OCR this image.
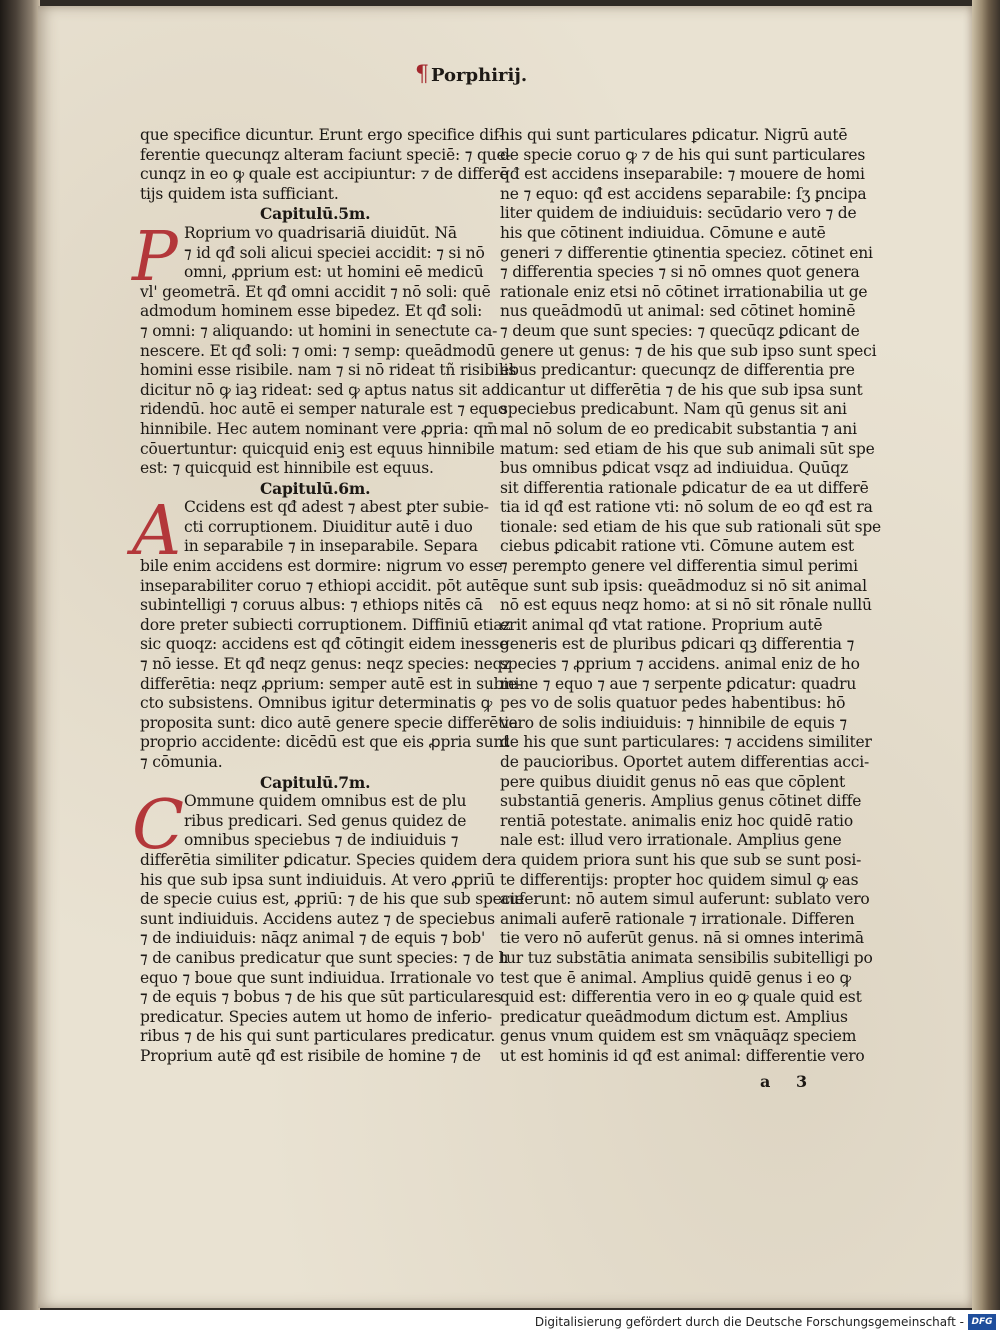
¶ Porphirij.
que specifice dicuntur. Erunt ergo specifice dif-
ferentie quecunqz alteram faciunt speciē: ⁊ que-
cunqz in eo ꝙ quale est accipiuntur: ⁊ de differē
tijs quidem ista sufficiant.
Capitulū.5m.
P Roprium vo quadrisariā diuidūt. Nā
⁊ id qđ soli alicui speciei accidit: ⁊ si nō
omni, ꝓprium est: ut homini eē medicū
vl' geometrā. Et qđ omni accidit ⁊ nō soli: quē
admodum hominem esse bipedez. Et qđ soli:
⁊ omni: ⁊ aliquando: ut homini in senectute ca-
nescere. Et qđ soli: ⁊ omi: ⁊ semp: queādmodū
homini esse risibile. nam ⁊ si nō rideat tñ risibilis
dicitur nō ꝙ iaꝫ rideat: sed ꝙ aptus natus sit ad
ridendū. hoc autē ei semper naturale est ⁊ equo
hinnibile. Hec autem nominant vere ꝓpria: qm̄
cōuertuntur: quicquid eniꝫ est equus hinnibile
est: ⁊ quicquid est hinnibile est equus.
Capitulū.6m.
A Ccidens est qđ adest ⁊ abest ꝑter subie-
cti corruptionem. Diuiditur autē i duo
in separabile ⁊ in inseparabile. Separa
bile enim accidens est dormire: nigrum vo esse
inseparabiliter coruo ⁊ ethiopi accidit. pōt autē
subintelligi ⁊ coruus albus: ⁊ ethiops nitēs cā
dore preter subiecti corruptionem. Diffiniū etiaz
sic quoqz: accidens est qđ cōtingit eidem inesse
⁊ nō iesse. Et qđ neqz genus: neqz species: neqz
differētia: neqz ꝓprium: semper autē est in subie-
cto subsistens. Omnibus igitur determinatis ꝙ
proposita sunt: dico autē genere specie differētia
proprio accidente: dicēdū est que eis ꝓpria sunt
⁊ cōmunia.
Capitulū.7m.
C Ommune quidem omnibus est de plu
ribus predicari. Sed genus quidez de
omnibus speciebus ⁊ de indiuiduis ⁊
differētia similiter ꝑdicatur. Species quidem de
his que sub ipsa sunt indiuiduis. At vero ꝓpriū
de specie cuius est, ꝓpriū: ⁊ de his que sub specie
sunt indiuiduis. Accidens autez ⁊ de speciebus
⁊ de indiuiduis: nāqz animal ⁊ de equis ⁊ bob'
⁊ de canibus predicatur que sunt species: ⁊ de h
equo ⁊ boue que sunt indiuidua. Irrationale vo
⁊ de equis ⁊ bobus ⁊ de his que sūt particulares
predicatur. Species autem ut homo de inferio-
ribus ⁊ de his qui sunt particulares predicatur.
Proprium autē qđ est risibile de homine ⁊ de
his qui sunt particulares ꝑdicatur. Nigrū autē
de specie coruo ꝙ ⁊ de his qui sunt particulares
qđ est accidens inseparabile: ⁊ mouere de homi
ne ⁊ equo: qđ est accidens separabile: ſʒ ꝑncipa
liter quidem de indiuiduis: secūdario vero ⁊ de
his que cōtinent indiuidua. Cōmune e autē
generi ⁊ differentie ꝯtinentia speciez. cōtinet eni
⁊ differentia species ⁊ si nō omnes quot genera
rationale eniz etsi nō cōtinet irrationabilia ut ge
nus queādmodū ut animal: sed cōtinet hominē
⁊ deum que sunt species: ⁊ quecūqz ꝑdicant de
genere ut genus: ⁊ de his que sub ipso sunt speci
ebus predicantur: quecunqz de differentia pre
dicantur ut differētia ⁊ de his que sub ipsa sunt
speciebus predicabunt. Nam qū genus sit ani
mal nō solum de eo predicabit substantia ⁊ ani
matum: sed etiam de his que sub animali sūt spe
bus omnibus ꝑdicat vsqz ad indiuidua. Quūqz
sit differentia rationale ꝑdicatur de ea ut differē
tia id qđ est ratione vti: nō solum de eo qđ est ra
tionale: sed etiam de his que sub rationali sūt spe
ciebus ꝑdicabit ratione vti. Cōmune autem est
⁊ perempto genere vel differentia simul perimi
que sunt sub ipsis: queādmoduz si nō sit animal
nō est equus neqz homo: at si nō sit rōnale nullū
erit animal qđ vtat ratione. Proprium autē
generis est de pluribus ꝑdicari qꝫ differentia ⁊
species ⁊ ꝓprium ⁊ accidens. animal eniz de ho
mine ⁊ equo ⁊ aue ⁊ serpente ꝑdicatur: quadru
pes vo de solis quatuor pedes habentibus: hō
vero de solis indiuiduis: ⁊ hinnibile de equis ⁊
de his que sunt particulares: ⁊ accidens similiter
de paucioribus. Oportet autem differentias acci-
pere quibus diuidit genus nō eas que cōplent
substantiā generis. Amplius genus cōtinet diffe
rentiā potestate. animalis eniz hoc quidē ratio
nale est: illud vero irrationale. Amplius gene
ra quidem priora sunt his que sub se sunt posi-
te differentijs: propter hoc quidem simul ꝙ eas
auferunt: nō autem simul auferunt: sublato vero
animali auferē rationale ⁊ irrationale. Differen
tie vero nō auferūt genus. nā si omnes interimā
tur tuz substātia animata sensibilis subitelligi po
test que ē animal. Amplius quidē genus i eo ꝙ
quid est: differentia vero in eo ꝙ quale quid est
predicatur queādmodum dictum est. Amplius
genus vnum quidem est sm vnāquāqz speciem
ut est hominis id qđ est animal: differentie vero
a 3
Digitalisierung gefördert durch die Deutsche Forschungsgemeinschaft - DFG
